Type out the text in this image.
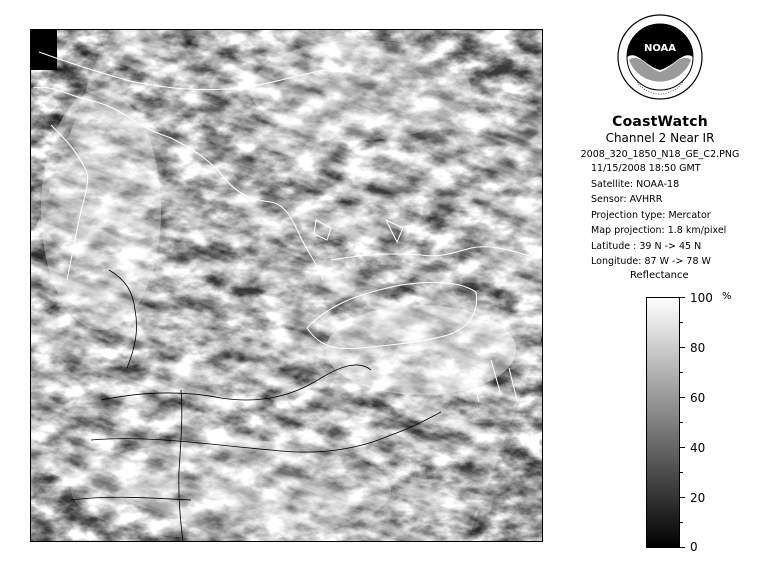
NOAA
CoastWatch
Channel 2 Near IR
2008_320_1850_N18_GE_C2.PNG
11/15/2008 18:50 GMT
Satellite: NOAA-18
Sensor: AVHRR
Projection type: Mercator
Map projection: 1.8 km/pixel
Latitude : 39 N -> 45 N
Longitude: 87 W -> 78 W
Reflectance
%
100
80
60
40
20
0
